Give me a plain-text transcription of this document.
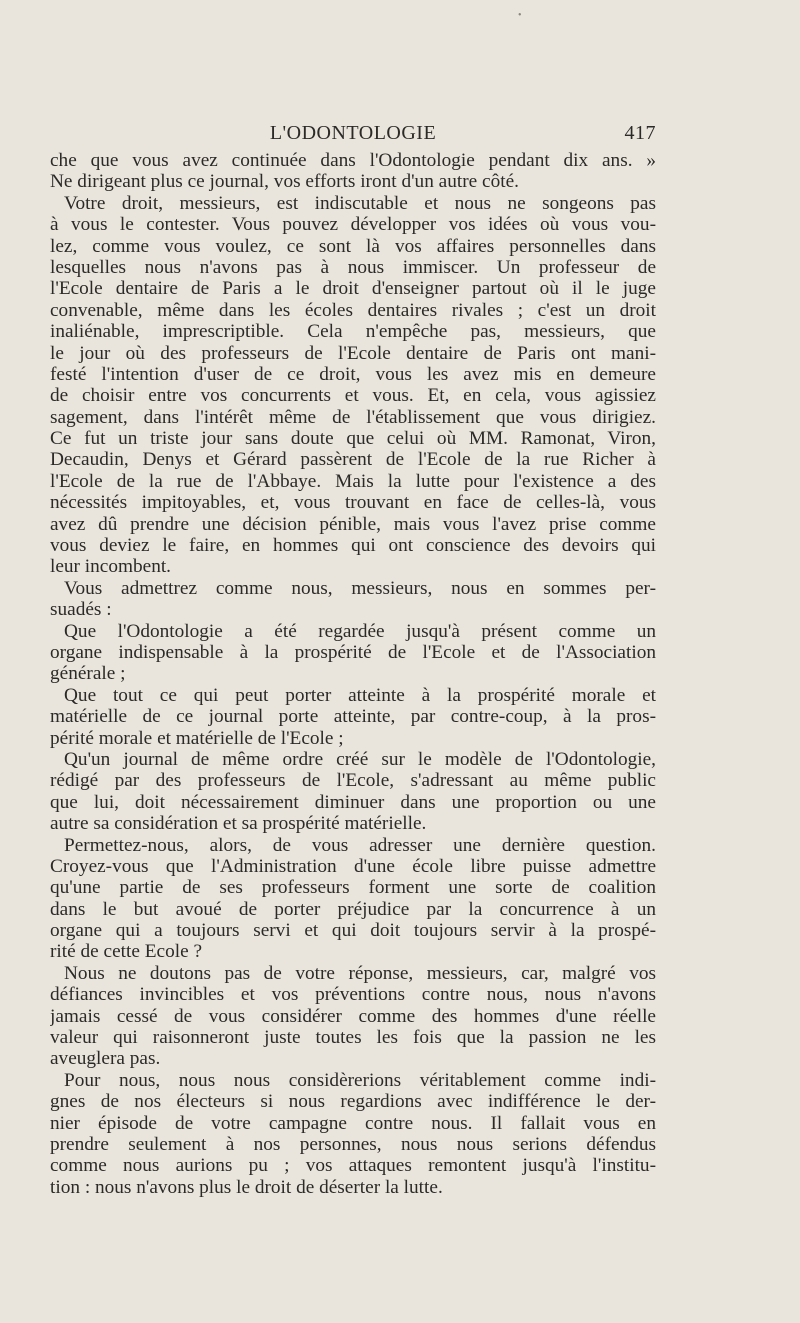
•
L'ODONTOLOGIE	417
che que vous avez continuée dans l'Odontologie pendant dix ans. »
Ne dirigeant plus ce journal, vos efforts iront d'un autre côté.
Votre droit, messieurs, est indiscutable et nous ne songeons pas
à vous le contester. Vous pouvez développer vos idées où vous vou-
lez, comme vous voulez, ce sont là vos affaires personnelles dans
lesquelles nous n'avons pas à nous immiscer. Un professeur de
l'Ecole dentaire de Paris a le droit d'enseigner partout où il le juge
convenable, même dans les écoles dentaires rivales ; c'est un droit
inaliénable, imprescriptible. Cela n'empêche pas, messieurs, que
le jour où des professeurs de l'Ecole dentaire de Paris ont mani-
festé l'intention d'user de ce droit, vous les avez mis en demeure
de choisir entre vos concurrents et vous. Et, en cela, vous agissiez
sagement, dans l'intérêt même de l'établissement que vous dirigiez.
Ce fut un triste jour sans doute que celui où MM. Ramonat, Viron,
Decaudin, Denys et Gérard passèrent de l'Ecole de la rue Richer à
l'Ecole de la rue de l'Abbaye. Mais la lutte pour l'existence a des
nécessités impitoyables, et, vous trouvant en face de celles-là, vous
avez dû prendre une décision pénible, mais vous l'avez prise comme
vous deviez le faire, en hommes qui ont conscience des devoirs qui
leur incombent.
Vous admettrez comme nous, messieurs, nous en sommes per-
suadés :
Que l'Odontologie a été regardée jusqu'à présent comme un
organe indispensable à la prospérité de l'Ecole et de l'Association
générale ;
Que tout ce qui peut porter atteinte à la prospérité morale et
matérielle de ce journal porte atteinte, par contre-coup, à la pros-
périté morale et matérielle de l'Ecole ;
Qu'un journal de même ordre créé sur le modèle de l'Odontologie,
rédigé par des professeurs de l'Ecole, s'adressant au même public
que lui, doit nécessairement diminuer dans une proportion ou une
autre sa considération et sa prospérité matérielle.
Permettez-nous, alors, de vous adresser une dernière question.
Croyez-vous que l'Administration d'une école libre puisse admettre
qu'une partie de ses professeurs forment une sorte de coalition
dans le but avoué de porter préjudice par la concurrence à un
organe qui a toujours servi et qui doit toujours servir à la prospé-
rité de cette Ecole ?
Nous ne doutons pas de votre réponse, messieurs, car, malgré vos
défiances invincibles et vos préventions contre nous, nous n'avons
jamais cessé de vous considérer comme des hommes d'une réelle
valeur qui raisonneront juste toutes les fois que la passion ne les
aveuglera pas.
Pour nous, nous nous considèrerions véritablement comme indi-
gnes de nos électeurs si nous regardions avec indifférence le der-
nier épisode de votre campagne contre nous. Il fallait vous en
prendre seulement à nos personnes, nous nous serions défendus
comme nous aurions pu ; vos attaques remontent jusqu'à l'institu-
tion : nous n'avons plus le droit de déserter la lutte.
